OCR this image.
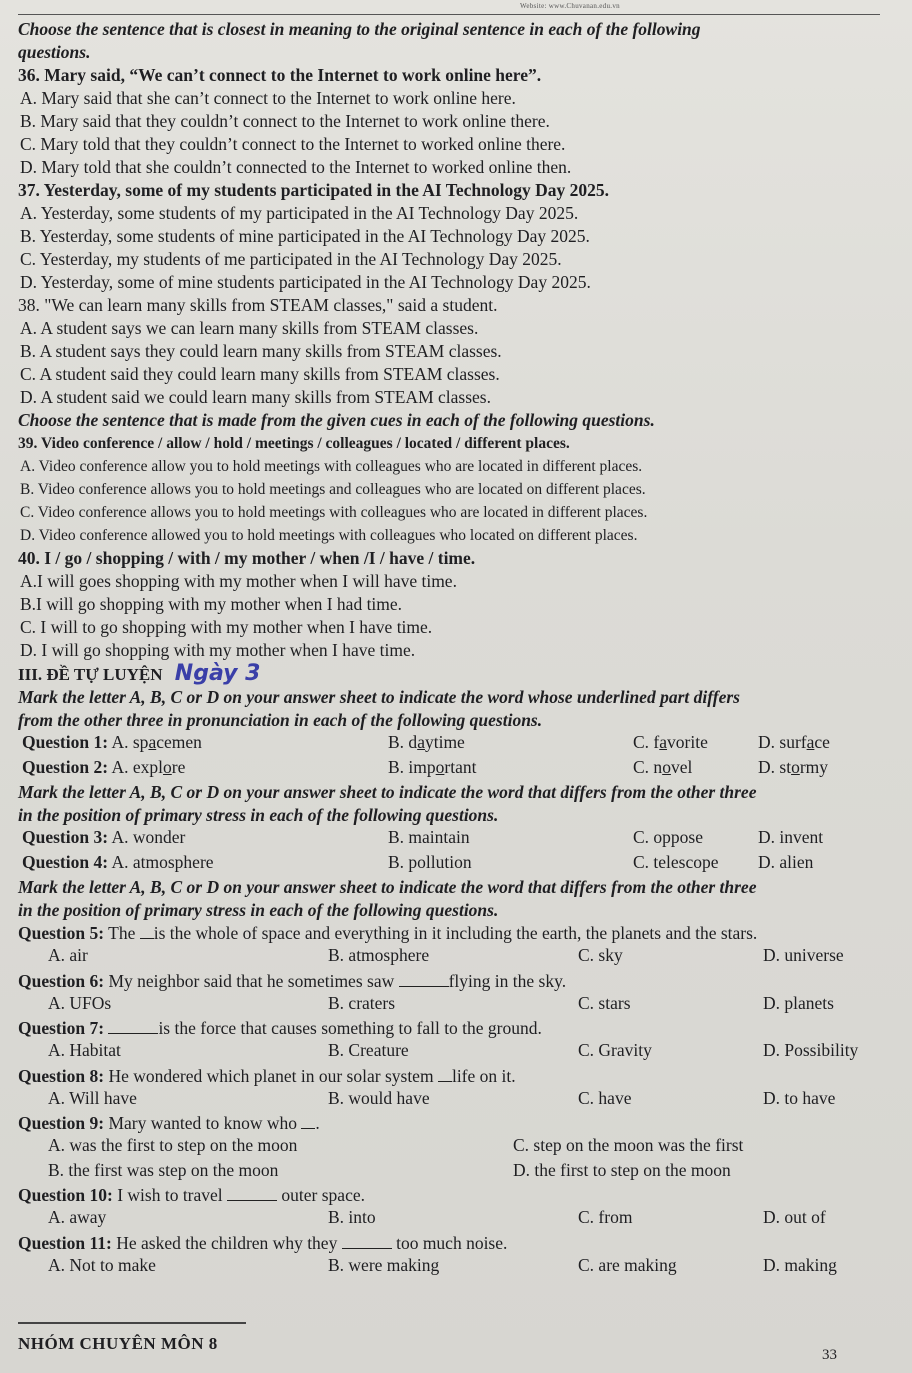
Website: www.Chuvanan.edu.vn
Choose the sentence that is closest in meaning to the original sentence in each of the following
questions.
36. Mary said, “We can’t connect to the Internet to work online here”.
A. Mary said that she can’t connect to the Internet to work online here.
B. Mary said that they couldn’t connect to the Internet to work online there.
C. Mary told that they couldn’t connect to the Internet to worked online there.
D. Mary told that she couldn’t connected to the Internet to worked online then.
37. Yesterday, some of my students participated in the AI Technology Day 2025.
A. Yesterday, some students of my participated in the AI Technology Day 2025.
B. Yesterday, some students of mine participated in the AI Technology Day 2025.
C. Yesterday, my students of me participated in the AI Technology Day 2025.
D. Yesterday, some of mine students participated in the AI Technology Day 2025.
38. "We can learn many skills from STEAM classes," said a student.
A. A student says we can learn many skills from STEAM classes.
B. A student says they could learn many skills from STEAM classes.
C. A student said they could learn many skills from STEAM classes.
D. A student said we could learn many skills from STEAM classes.
Choose the sentence that is made from the given cues in each of the following questions.
39. Video conference / allow / hold / meetings / colleagues / located / different places.
A. Video conference allow you to hold meetings with colleagues who are located in different places.
B. Video conference allows you to hold meetings and colleagues who are located on different places.
C. Video conference allows you to hold meetings with colleagues who are located in different places.
D. Video conference allowed you to hold meetings with colleagues who located on different places.
40. I / go / shopping / with / my mother / when /I / have / time.
A.I will goes shopping with my mother when I will have time.
B.I will go shopping with my mother when I had time.
C. I will to go shopping with my mother when I have time.
D. I will go shopping with my mother when I have time.
III. ĐỀ TỰ LUYỆN Ngày 3
Mark the letter A, B, C or D on your answer sheet to indicate the word whose underlined part differs
from the other three in pronunciation in each of the following questions.
Question 1: A. spacemen	B. daytime	C. favorite	D. surface
Question 2: A. explore	B. important	C. novel	D. stormy
Mark the letter A, B, C or D on your answer sheet to indicate the word that differs from the other three
in the position of primary stress in each of the following questions.
Question 3: A. wonder	B. maintain	C. oppose	D. invent
Question 4: A. atmosphere	B. pollution	C. telescope D. alien
Mark the letter A, B, C or D on your answer sheet to indicate the word that differs from the other three
in the position of primary stress in each of the following questions.
Question 5: The is the whole of space and everything in it including the earth, the planets and the stars.
A. air	B. atmosphere	C. sky	D. universe
Question 6: My neighbor said that he sometimes saw	flying in the sky.
A. UFOs	B. craters	C. stars	D. planets
Question 7:	is the force that causes something to fall to the ground.
A. Habitat	B. Creature	C. Gravity	D. Possibility
Question 8: He wondered which planet in our solar system life on it.
A. Will have	B. would have	C. have	D. to have
Question 9: Mary wanted to know who .
A. was the first to step on the moon	C. step on the moon was the first
B. the first was step on the moon	D. the first to step on the moon
Question 10: I wish to travel	outer space.
A. away	B. into	C. from	D. out of
Question 11: He asked the children why they	too much noise.
A. Not to make	B. were making	C. are making	D. making
NHÓM CHUYÊN MÔN 8
33
